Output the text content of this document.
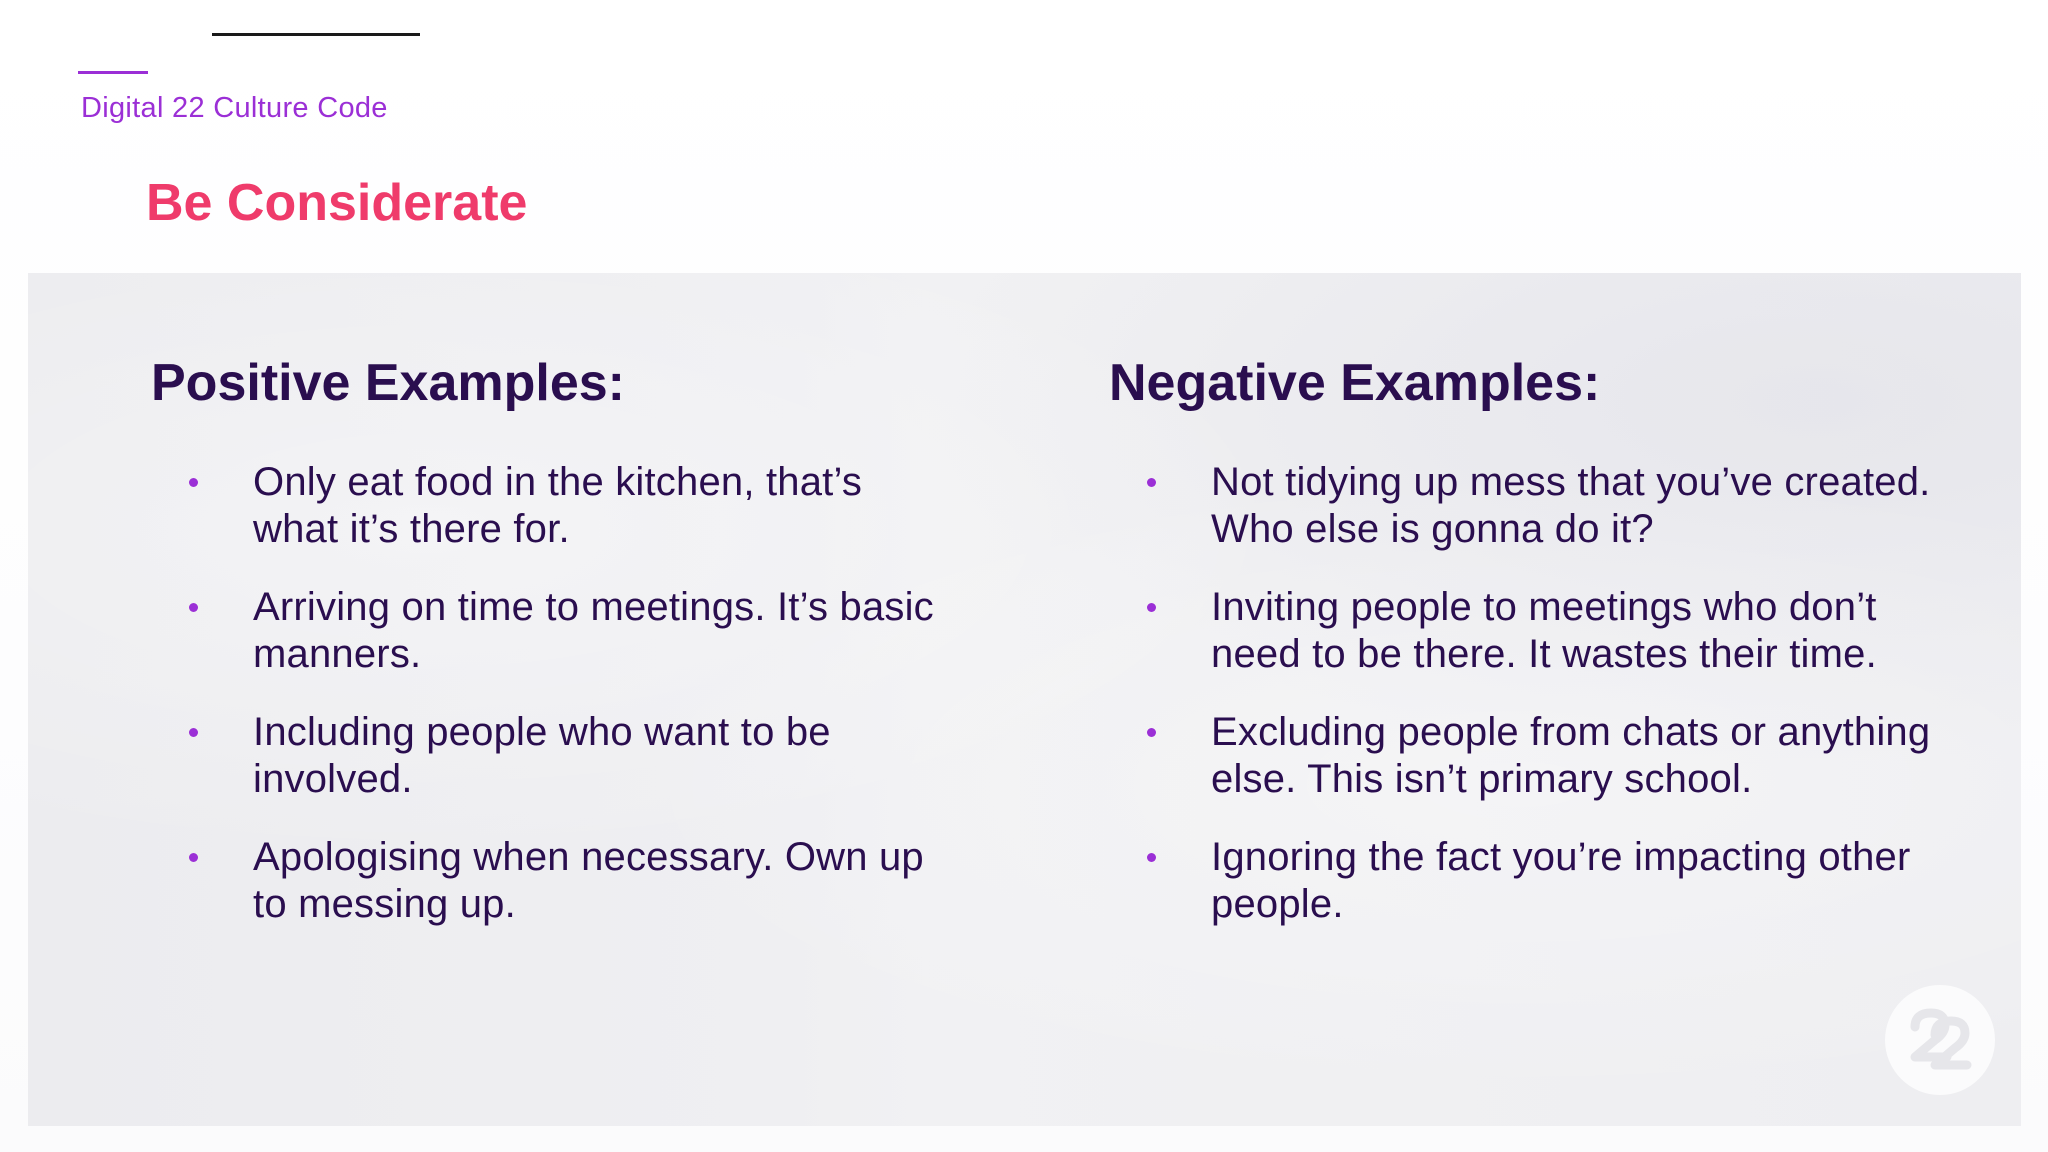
Digital 22 Culture Code
Be Considerate
Positive Examples:
Only eat food in the kitchen, that’s what it’s there for.
Arriving on time to meetings. It’s basic manners.
Including people who want to be involved.
Apologising when necessary. Own up to messing up.
Negative Examples:
Not tidying up mess that you’ve created. Who else is gonna do it?
Inviting people to meetings who don’t need to be there. It wastes their time.
Excluding people from chats or anything else. This isn’t primary school.
Ignoring the fact you’re impacting other people.
